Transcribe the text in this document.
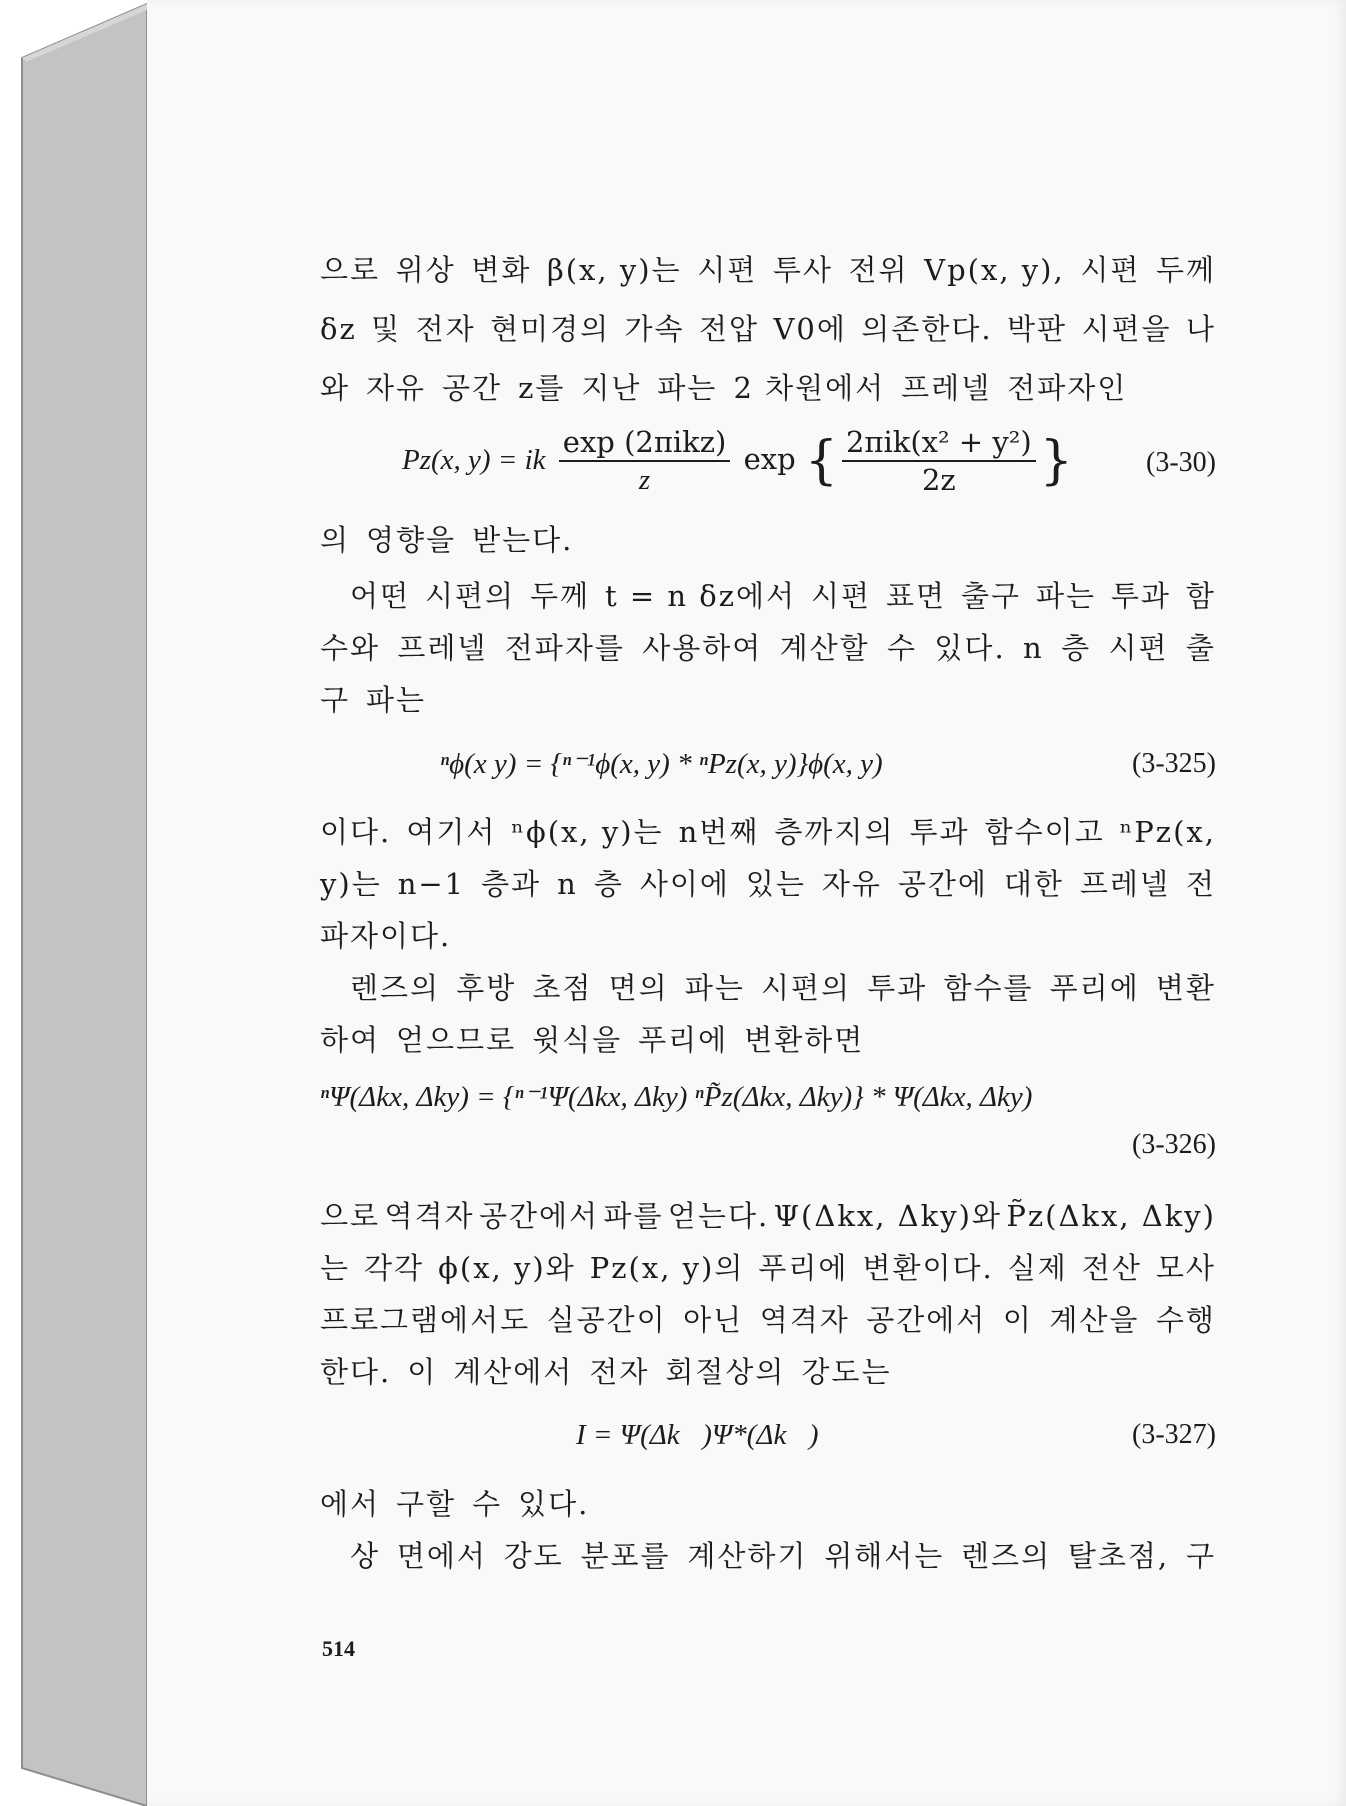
으로 위상 변화 β(x, y)는 시편 투사 전위 Vp(x, y), 시편 두께
δz 및 전자 현미경의 가속 전압 V0에 의존한다. 박판 시편을 나
와 자유 공간 z를 지난 파는 2 차원에서 프레넬 전파자인
Pz(x, y) = ik $\frac{\text{exp (2πikz)}}{z}$ exp { $\frac{\text{2πik(x² + y²)}}{2z}$ }	(3-30)
의 영향을 받는다.
어떤 시편의 두께 t = n δz에서 시편 표면 출구 파는 투과 함
수와 프레넬 전파자를 사용하여 계산할 수 있다. n 층 시편 출
구 파는
ⁿϕ(x y) = {ⁿ⁻¹ϕ(x, y) * ⁿPz(x, y)}ϕ(x, y)	(3-325)
이다. 여기서 ⁿϕ(x, y)는 n번째 층까지의 투과 함수이고 ⁿPz(x,
y)는 n−1 층과 n 층 사이에 있는 자유 공간에 대한 프레넬 전
파자이다.
렌즈의 후방 초점 면의 파는 시편의 투과 함수를 푸리에 변환
하여 얻으므로 윗식을 푸리에 변환하면
ⁿΨ(Δkx, Δky) = {ⁿ⁻¹Ψ(Δkx, Δky) ⁿP̃z(Δkx, Δky)} * Ψ(Δkx, Δky)
(3-326)
으로 역격자 공간에서 파를 얻는다. Ψ(Δkx, Δky)와 P̃z(Δkx, Δky)
는 각각 ϕ(x, y)와 Pz(x, y)의 푸리에 변환이다. 실제 전산 모사
프로그램에서도 실공간이 아닌 역격자 공간에서 이 계산을 수행
한다. 이 계산에서 전자 회절상의 강도는
I = Ψ(Δk⃗)Ψ*(Δk⃗)	(3-327)
에서 구할 수 있다.
상 면에서 강도 분포를 계산하기 위해서는 렌즈의 탈초점, 구
514
